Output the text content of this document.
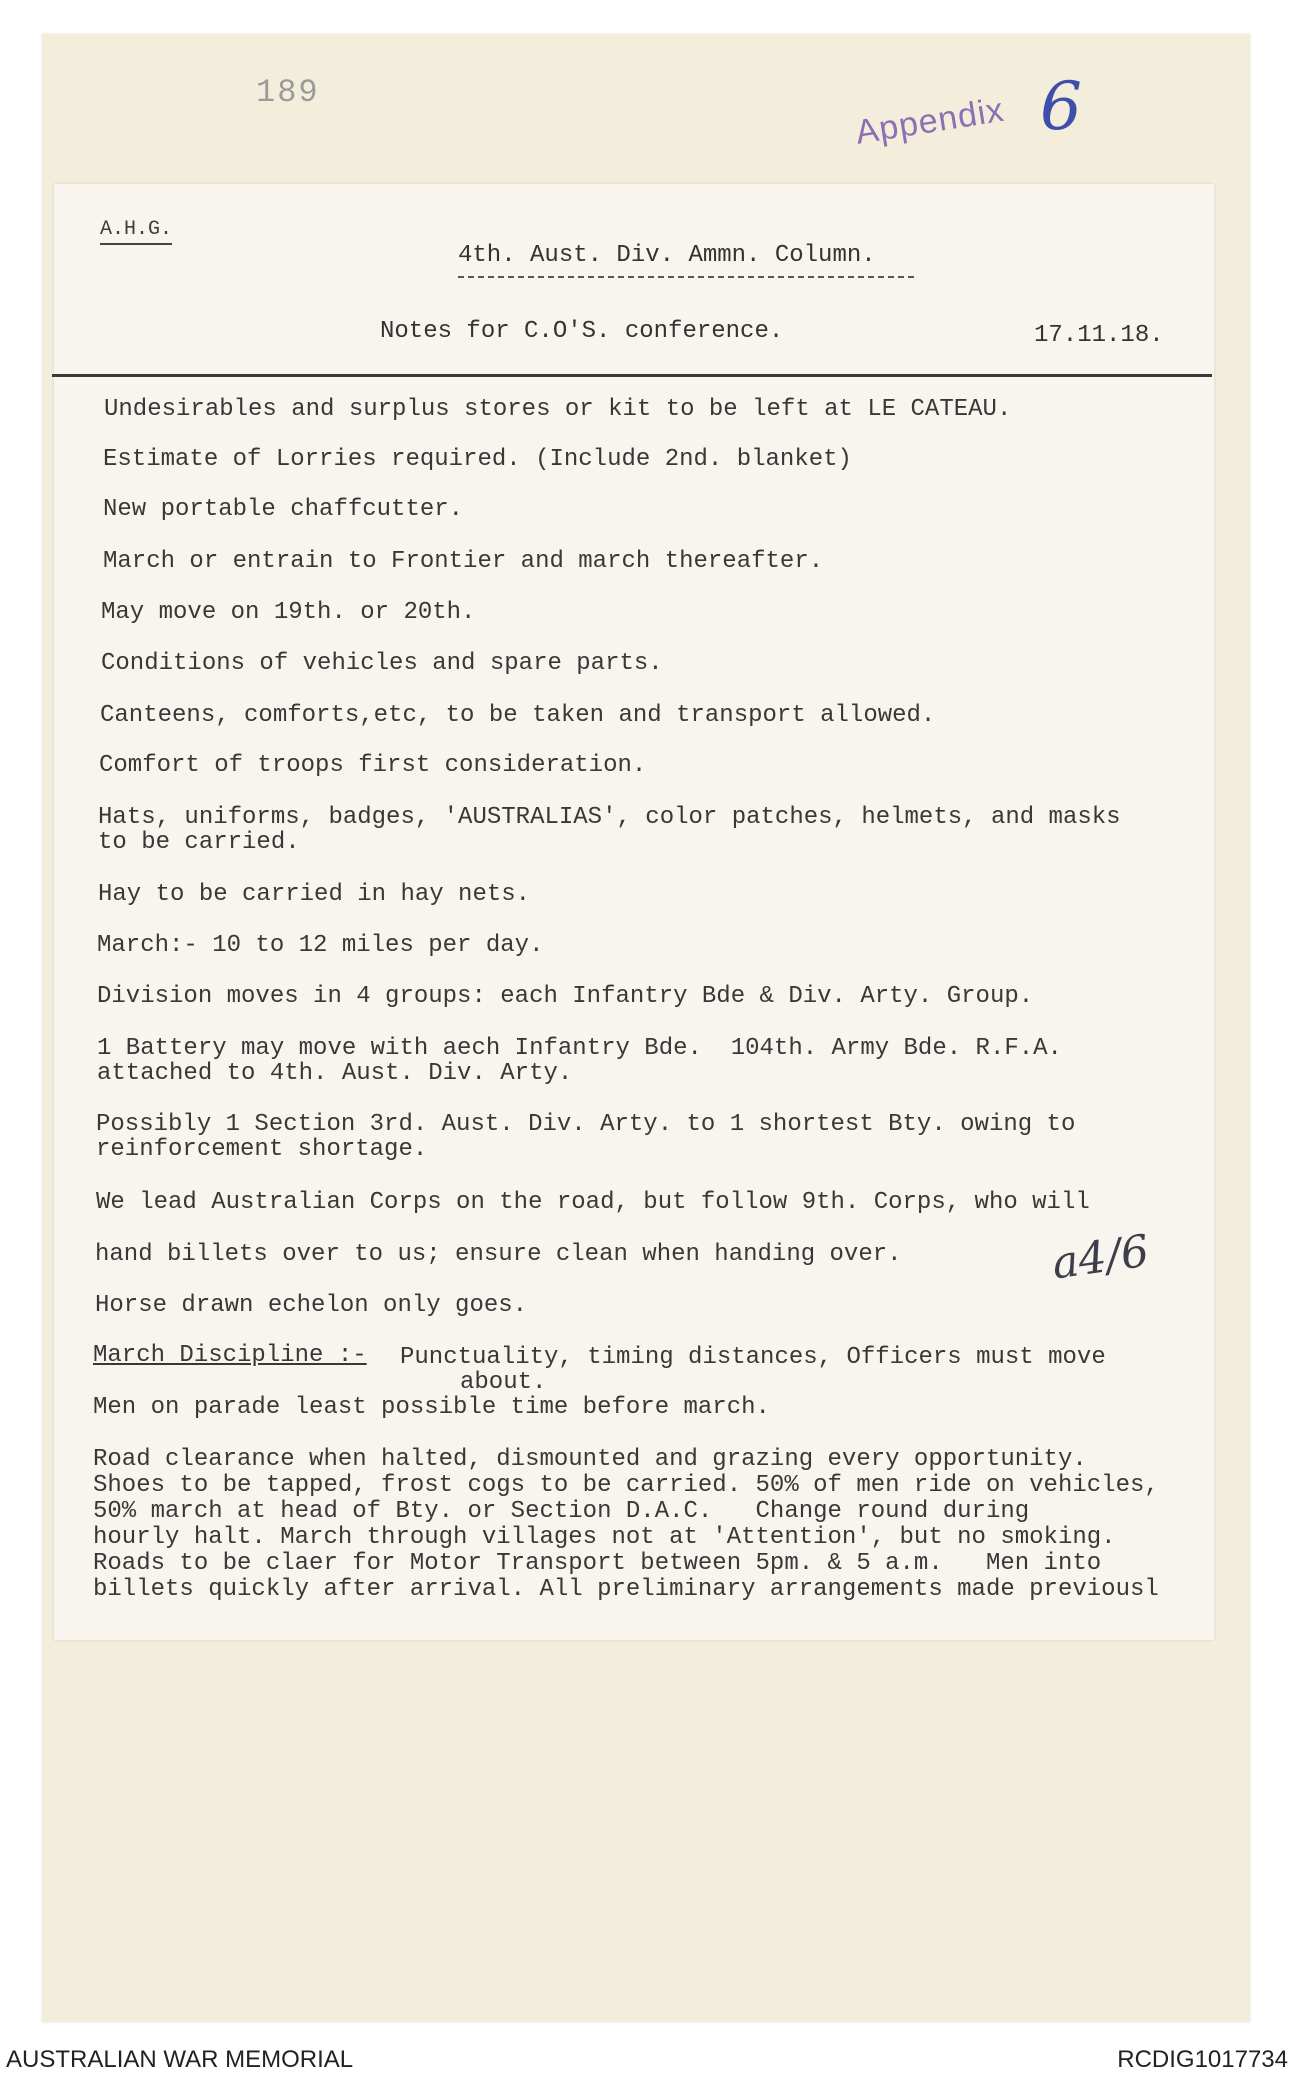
189	Appendix 6
A.H.G.
4th. Aust. Div. Ammn. Column.
Notes for C.O'S. conference.	17.11.18.
Undesirables and surplus stores or kit to be left at LE CATEAU.
Estimate of Lorries required. (Include 2nd. blanket)
New portable chaffcutter.
March or entrain to Frontier and march thereafter.
May move on 19th. or 20th.
Conditions of vehicles and spare parts.
Canteens, comforts,etc, to be taken and transport allowed.
Comfort of troops first consideration.
Hats, uniforms, badges, 'AUSTRALIAS', color patches, helmets, and masks
to be carried.
Hay to be carried in hay nets.
March:- 10 to 12 miles per day.
Division moves in 4 groups: each Infantry Bde & Div. Arty. Group.
1 Battery may move with aech Infantry Bde.  104th. Army Bde. R.F.A.
attached to 4th. Aust. Div. Arty.
Possibly 1 Section 3rd. Aust. Div. Arty. to 1 shortest Bty. owing to
reinforcement shortage.
We lead Australian Corps on the road, but follow 9th. Corps, who will
hand billets over to us; ensure clean when handing over.
Horse drawn echelon only goes.
March Discipline :- Punctuality, timing distances, Officers must move
about.
Men on parade least possible time before march.
Road clearance when halted, dismounted and grazing every opportunity.
Shoes to be tapped, frost cogs to be carried. 50% of men ride on vehicles,
50% march at head of Bty. or Section D.A.C.   Change round during
hourly halt. March through villages not at 'Attention', but no smoking.
Roads to be claer for Motor Transport between 5pm. & 5 a.m.   Men into
billets quickly after arrival. All preliminary arrangements made previousl
a4/6
AUSTRALIAN WAR MEMORIAL	RCDIG1017734
